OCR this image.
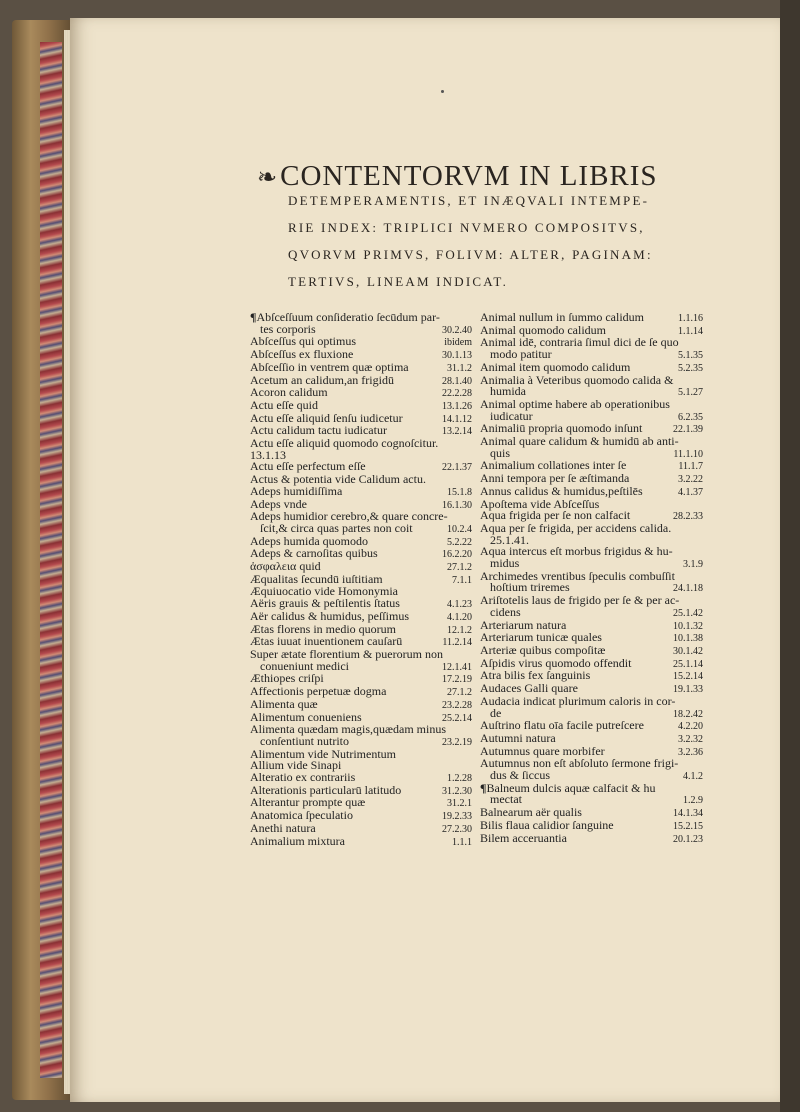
❧CONTENTORVM IN LIBRIS
DETEMPERAMENTIS, ET INÆQVALI INTEMPE-
RIE INDEX: TRIPLICI NVMERO COMPOSITVS,
QVORVM PRIMVS, FOLIVM: ALTER, PAGINAM:
TERTIVS, LINEAM INDICAT.
¶ Abſceſſuum conſideratio ſecūdum par-
tes corporis	30.2.40
Abſceſſus qui optimus	ibidem
Abſceſſus ex fluxione	30.1.13
Abſceſſio in ventrem quæ optima	31.1.2
Acetum an calidum,an frigidū	28.1.40
Acoron calidum	22.2.28
Actu eſſe quid	13.1.26
Actu eſſe aliquid ſenſu iudicetur	14.1.12
Actu calidum tactu iudicatur	13.2.14
Actu eſſe aliquid quomodo cognoſcitur.
13.1.13
Actu eſſe perfectum eſſe	22.1.37
Actus & potentia vide Calidum actu.
Adeps humidiſſima	15.1.8
Adeps vnde	16.1.30
Adeps humidior cerebro,& quare concre-
ſcit,& circa quas partes non coit	10.2.4
Adeps humida quomodo	5.2.22
Adeps & carnoſitas quibus	16.2.20
ἀσφαλεια quid	27.1.2
Æqualitas ſecundū iuſtitiam	7.1.1
Æquiuocatio vide Homonymia
Aëris grauis & peſtilentis ſtatus	4.1.23
Aër calidus & humidus, peſſimus	4.1.20
Ætas florens in medio quorum	12.1.2
Ætas iuuat inuentionem cauſarū	11.2.14
Super ætate florentium & puerorum non
conueniunt medici	12.1.41
Æthiopes criſpi	17.2.19
Affectionis perpetuæ dogma	27.1.2
Alimenta quæ	23.2.28
Alimentum conueniens	25.2.14
Alimenta quædam magis,quædam minus
conſentiunt nutrito	23.2.19
Alimentum vide Nutrimentum
Allium vide Sinapi
Alteratio ex contrariis	1.2.28
Alterationis particularū latitudo	31.2.30
Alterantur prompte quæ	31.2.1
Anatomica ſpeculatio	19.2.33
Anethi natura	27.2.30
Animalium mixtura	1.1.1
Animal nullum in ſummo calidum	1.1.16
Animal quomodo calidum	1.1.14
Animal idē, contraria ſimul dici de ſe quo
modo patitur	5.1.35
Animal item quomodo calidum	5.2.35
Animalia à Veteribus quomodo calida &
humida	5.1.27
Animal optime habere ab operationibus
iudicatur	6.2.35
Animaliū propria quomodo inſunt	22.1.39
Animal quare calidum & humidū ab anti-
quis	11.1.10
Animalium collationes inter ſe	11.1.7
Anni tempora per ſe æſtimanda	3.2.22
Annus calidus & humidus,peſtilēs	4.1.37
Apoſtema vide Abſceſſus
Aqua frigida per ſe non calfacit	28.2.33
Aqua per ſe frigida, per accidens calida.
25.1.41.
Aqua intercus eſt morbus frigidus & hu-
midus	3.1.9
Archimedes vrentibus ſpeculis combuſſit
hoſtium triremes	24.1.18
Ariſtotelis laus de frigido per ſe & per ac-
cidens	25.1.42
Arteriarum natura	10.1.32
Arteriarum tunicæ quales	10.1.38
Arteriæ quibus compoſitæ	30.1.42
Aſpidis virus quomodo offendit	25.1.14
Atra bilis fex ſanguinis	15.2.14
Audaces Galli quare	19.1.33
Audacia indicat plurimum caloris in cor-
de	18.2.42
Auſtrino flatu oīa facile putreſcere	4.2.20
Autumni natura	3.2.32
Autumnus quare morbifer	3.2.36
Autumnus non eſt abſoluto ſermone frigi-
dus & ſiccus	4.1.2
¶ Balneum dulcis aquæ calfacit & hu
mectat	1.2.9
Balnearum aër qualis	14.1.34
Bilis flaua calidior ſanguine	15.2.15
Bilem acceruantia	20.1.23
